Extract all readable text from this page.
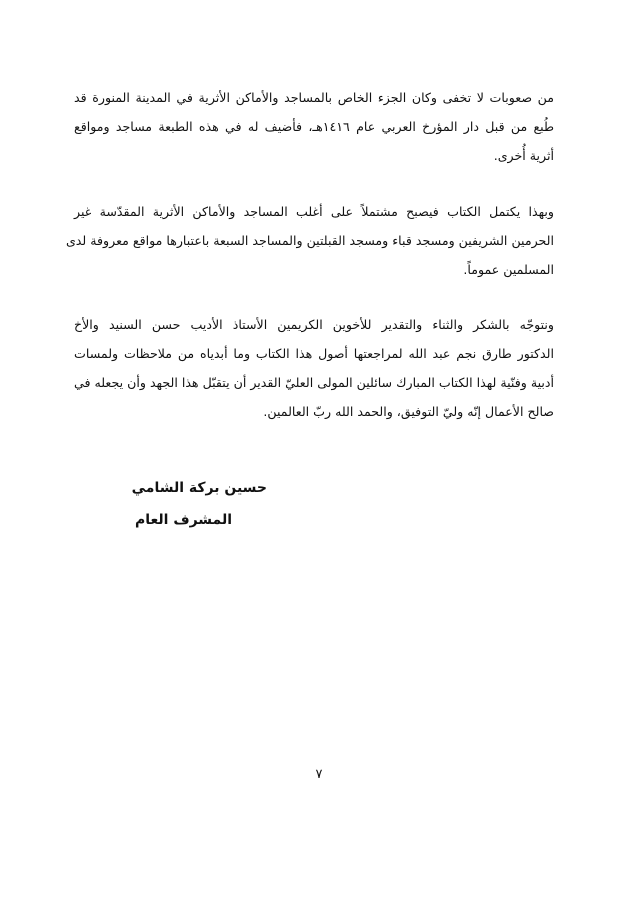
من صعوبات لا تخفى وكان الجزء الخاص بالمساجد والأماكن الأثرية في المدينة المنورة قد
طُبع من قبل دار المؤرخ العربي عام ١٤١٦هـ، فأضيف له في هذه الطبعة مساجد ومواقع
أثرية أُخرى.
وبهذا يكتمل الكتاب فيصبح مشتملاً على أغلب المساجد والأماكن الأثرية المقدّسة غير
الحرمين الشريفين ومسجد قباء ومسجد القبلتين والمساجد السبعة باعتبارها مواقع معروفة لدى
المسلمين عموماً.
ونتوجّه بالشكر والثناء والتقدير للأخوين الكريمين الأستاذ الأديب حسن السنيد والأخ
الدكتور طارق نجم عبد الله لمراجعتها أصول هذا الكتاب وما أبدياه من ملاحظات ولمسات
أدبية وفنّية لهذا الكتاب المبارك سائلين المولى العليّ القدير أن يتقبّل هذا الجهد وأن يجعله في
صالح الأعمال إنّه وليّ التوفيق، والحمد الله ربّ العالمين.
حسين بركة الشامي
المشرف العام
٧
